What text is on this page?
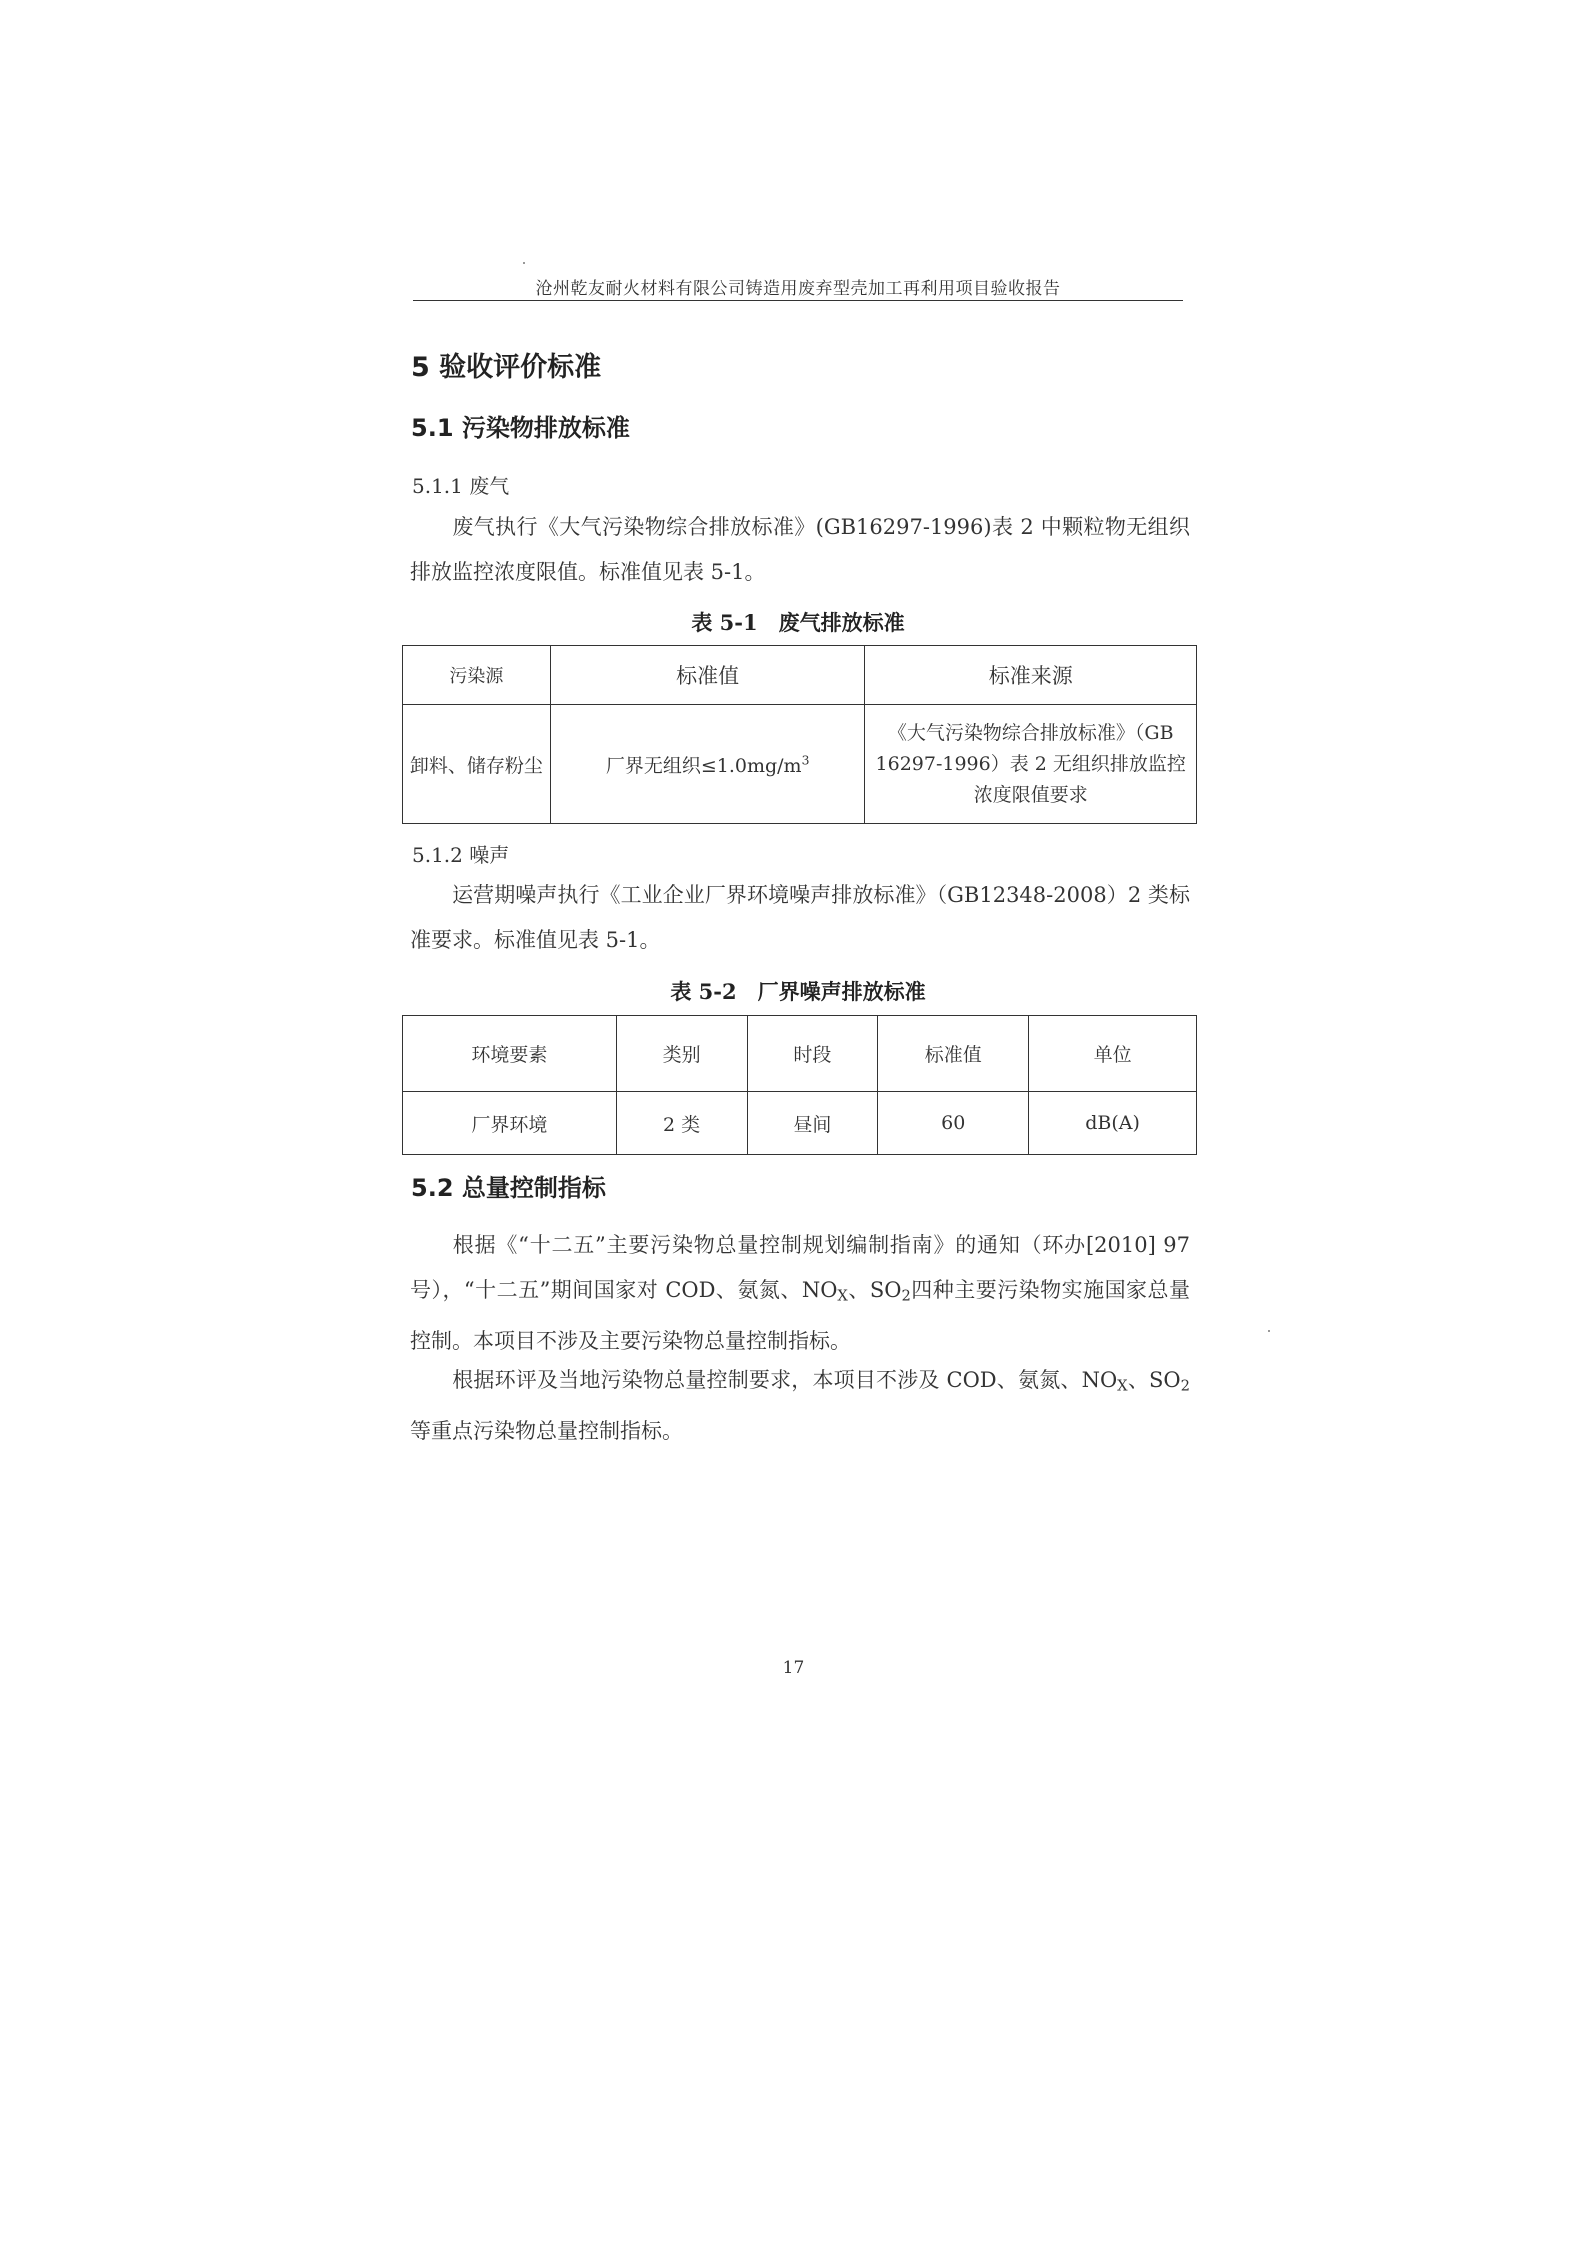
沧州乾友耐火材料有限公司铸造用废弃型壳加工再利用项目验收报告
5 验收评价标准
5.1 污染物排放标准
5.1.1 废气
废气执行《大气污染物综合排放标准》(GB16297-1996)表 2 中颗粒物无组织排放监控浓度限值。标准值见表 5-1。
表 5-1　废气排放标准
污染源	标准值	标准来源
卸料、储存粉尘	厂界无组织$\le 1.0mg/m^3$	《大气污染物综合排放标准》（GB 16297-1996）表 2 无组织排放监控浓度限值要求
5.1.2 噪声
运营期噪声执行《工业企业厂界环境噪声排放标准》（GB12348-2008）2 类标准要求。标准值见表 5-1。
表 5-2　厂界噪声排放标准
环境要素	类别	时段	标准值	单位
厂界环境	2 类	昼间	60	dB(A)
5.2 总量控制指标
根据《“十二五”主要污染物总量控制规划编制指南》的通知（环办[2010] 97 号），“十二五”期间国家对 COD、氨氮、$NO_X$、$SO_2$四种主要污染物实施国家总量控制。本项目不涉及主要污染物总量控制指标。
根据环评及当地污染物总量控制要求，本项目不涉及 COD、氨氮、$NO_X$、$SO_2$ 等重点污染物总量控制指标。
17
